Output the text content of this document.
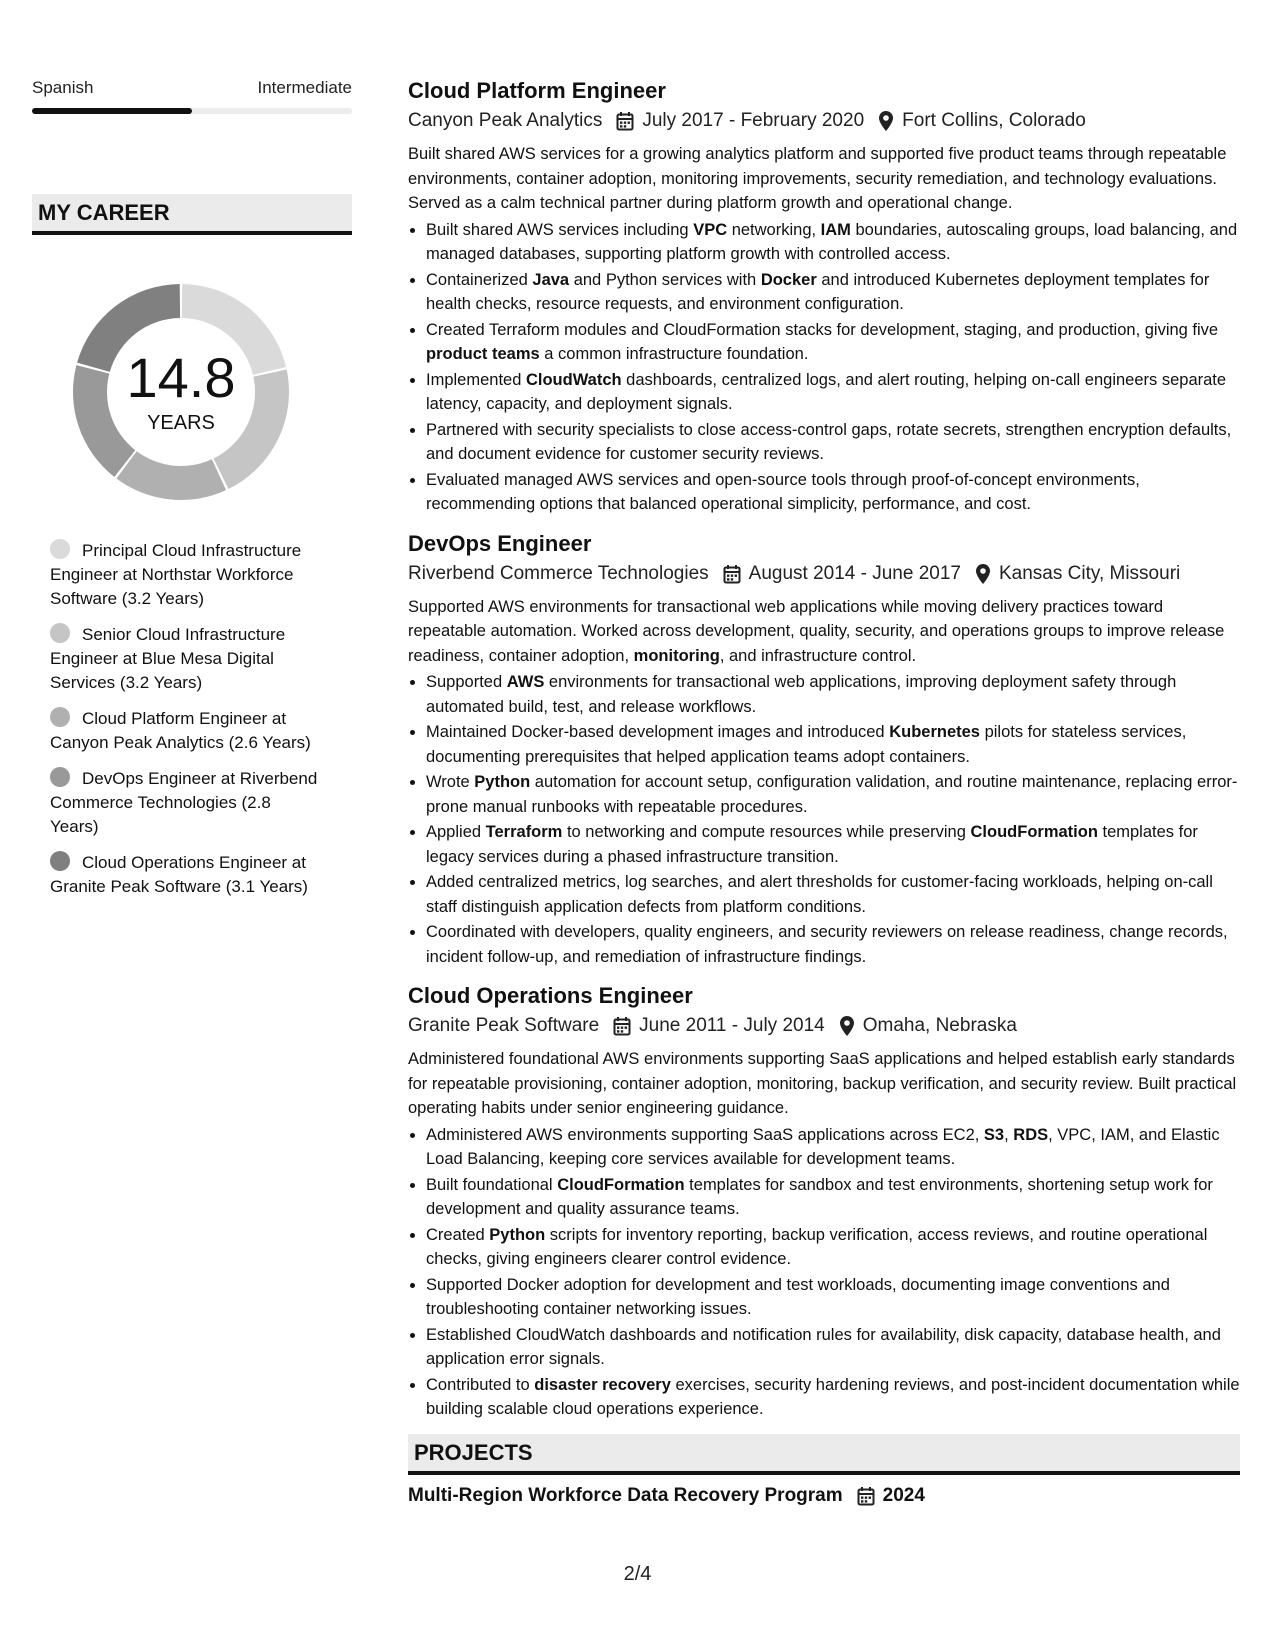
Spanish	Intermediate
MY CAREER
14.8
YEARS
Principal Cloud Infrastructure Engineer at Northstar Workforce Software (3.2 Years)
Senior Cloud Infrastructure Engineer at Blue Mesa Digital Services (3.2 Years)
Cloud Platform Engineer at Canyon Peak Analytics (2.6 Years)
DevOps Engineer at Riverbend Commerce Technologies (2.8 Years)
Cloud Operations Engineer at Granite Peak Software (3.1 Years)
Cloud Platform Engineer
Canyon Peak Analytics July 2017 - February 2020 Fort Collins, Colorado
Built shared AWS services for a growing analytics platform and supported five product teams through repeatable environments, container adoption, monitoring improvements, security remediation, and technology evaluations. Served as a calm technical partner during platform growth and operational change.
• Built shared AWS services including VPC networking, IAM boundaries, autoscaling groups, load balancing, and managed databases, supporting platform growth with controlled access.
• Containerized Java and Python services with Docker and introduced Kubernetes deployment templates for health checks, resource requests, and environment configuration.
• Created Terraform modules and CloudFormation stacks for development, staging, and production, giving five product teams a common infrastructure foundation.
• Implemented CloudWatch dashboards, centralized logs, and alert routing, helping on-call engineers separate latency, capacity, and deployment signals.
• Partnered with security specialists to close access-control gaps, rotate secrets, strengthen encryption defaults, and document evidence for customer security reviews.
• Evaluated managed AWS services and open-source tools through proof-of-concept environments, recommending options that balanced operational simplicity, performance, and cost.
DevOps Engineer
Riverbend Commerce Technologies August 2014 - June 2017 Kansas City, Missouri
Supported AWS environments for transactional web applications while moving delivery practices toward repeatable automation. Worked across development, quality, security, and operations groups to improve release readiness, container adoption, monitoring, and infrastructure control.
• Supported AWS environments for transactional web applications, improving deployment safety through automated build, test, and release workflows.
• Maintained Docker-based development images and introduced Kubernetes pilots for stateless services, documenting prerequisites that helped application teams adopt containers.
• Wrote Python automation for account setup, configuration validation, and routine maintenance, replacing error-prone manual runbooks with repeatable procedures.
• Applied Terraform to networking and compute resources while preserving CloudFormation templates for legacy services during a phased infrastructure transition.
• Added centralized metrics, log searches, and alert thresholds for customer-facing workloads, helping on-call staff distinguish application defects from platform conditions.
• Coordinated with developers, quality engineers, and security reviewers on release readiness, change records, incident follow-up, and remediation of infrastructure findings.
Cloud Operations Engineer
Granite Peak Software June 2011 - July 2014 Omaha, Nebraska
Administered foundational AWS environments supporting SaaS applications and helped establish early standards for repeatable provisioning, container adoption, monitoring, backup verification, and security review. Built practical operating habits under senior engineering guidance.
• Administered AWS environments supporting SaaS applications across EC2, S3, RDS, VPC, IAM, and Elastic Load Balancing, keeping core services available for development teams.
• Built foundational CloudFormation templates for sandbox and test environments, shortening setup work for development and quality assurance teams.
• Created Python scripts for inventory reporting, backup verification, access reviews, and routine operational checks, giving engineers clearer control evidence.
• Supported Docker adoption for development and test workloads, documenting image conventions and troubleshooting container networking issues.
• Established CloudWatch dashboards and notification rules for availability, disk capacity, database health, and application error signals.
• Contributed to disaster recovery exercises, security hardening reviews, and post-incident documentation while building scalable cloud operations experience.
PROJECTS
Multi-Region Workforce Data Recovery Program 2024
2/4
